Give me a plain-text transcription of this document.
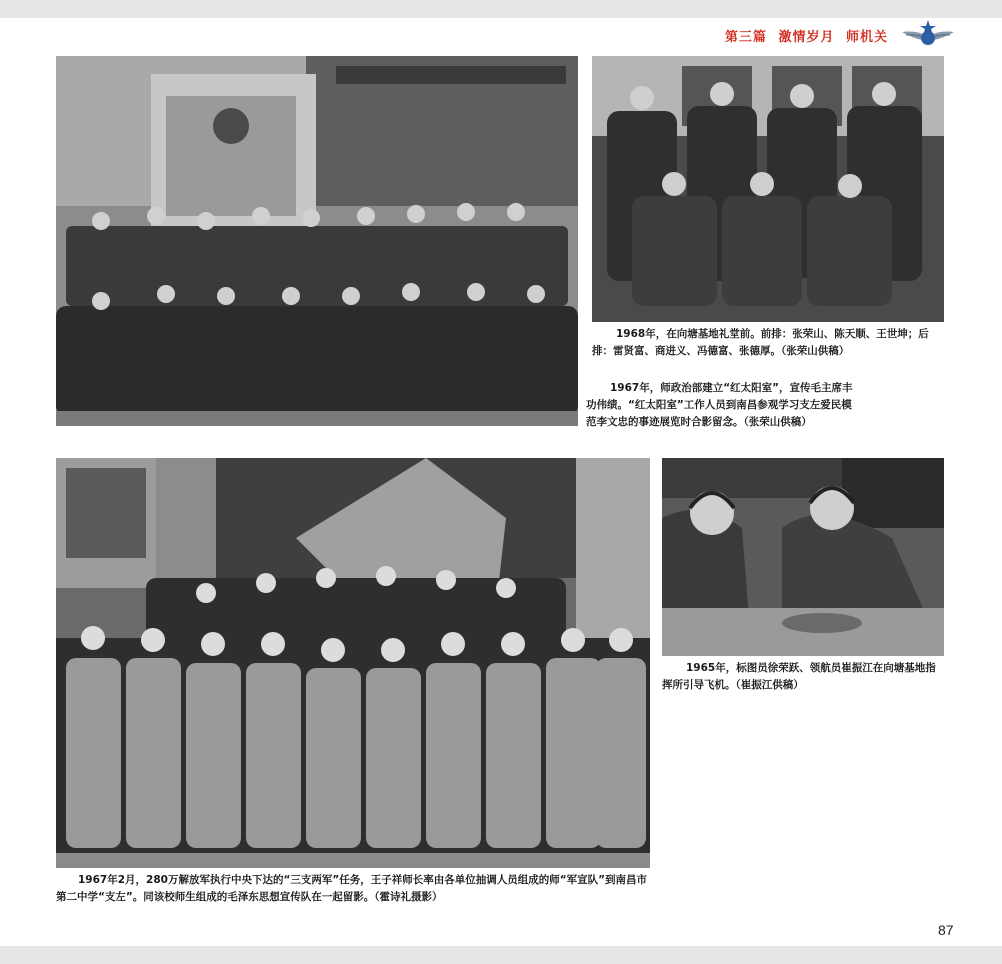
第三篇 激情岁月 师机关
1968年，在向塘基地礼堂前。前排：张荣山、陈天顺、王世坤；后排：雷贤富、商进义、冯德富、张德厚。（张荣山供稿）
1967年，师政治部建立“红太阳室”，宣传毛主席丰功伟绩。“红太阳室”工作人员到南昌参观学习支左爱民模范李文忠的事迹展览时合影留念。（张荣山供稿）
1965年，标图员徐荣跃、领航员崔振江在向塘基地指挥所引导飞机。（崔振江供稿）
1967年2月，280万解放军执行中央下达的“三支两军”任务，王子祥师长率由各单位抽调人员组成的师“军宣队”到南昌市第二中学“支左”。同该校师生组成的毛泽东思想宣传队在一起留影。（霍诗礼摄影）
87
